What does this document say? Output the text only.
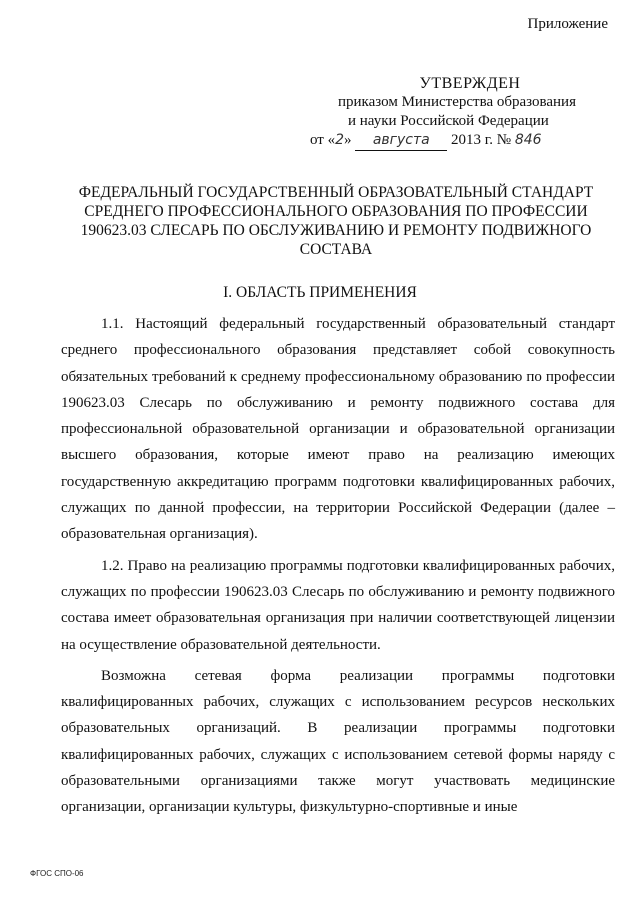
Приложение
УТВЕРЖДЕН
приказом Министерства образования
и науки Российской Федерации
от «2» августа 2013 г. № 846
ФЕДЕРАЛЬНЫЙ ГОСУДАРСТВЕННЫЙ ОБРАЗОВАТЕЛЬНЫЙ СТАНДАРТ СРЕДНЕГО ПРОФЕССИОНАЛЬНОГО ОБРАЗОВАНИЯ ПО ПРОФЕССИИ 190623.03 СЛЕСАРЬ ПО ОБСЛУЖИВАНИЮ И РЕМОНТУ ПОДВИЖНОГО СОСТАВА
I. ОБЛАСТЬ ПРИМЕНЕНИЯ

1.1. Настоящий федеральный государственный образовательный стандарт среднего профессионального образования представляет собой совокупность обязательных требований к среднему профессиональному образованию по профессии 190623.03 Слесарь по обслуживанию и ремонту подвижного состава для профессиональной образовательной организации и образовательной организации высшего образования, которые имеют право на реализацию имеющих государственную аккредитацию программ подготовки квалифицированных рабочих, служащих по данной профессии, на территории Российской Федерации (далее – образовательная организация).

1.2. Право на реализацию программы подготовки квалифицированных рабочих, служащих по профессии 190623.03 Слесарь по обслуживанию и ремонту подвижного состава имеет образовательная организация при наличии соответствующей лицензии на осуществление образовательной деятельности.

Возможна сетевая форма реализации программы подготовки квалифицированных рабочих, служащих с использованием ресурсов нескольких образовательных организаций. В реализации программы подготовки квалифицированных рабочих, служащих с использованием сетевой формы наряду с образовательными организациями также могут участвовать медицинские организации, организации культуры, физкультурно-спортивные и иные

ФГОС СПО-06
